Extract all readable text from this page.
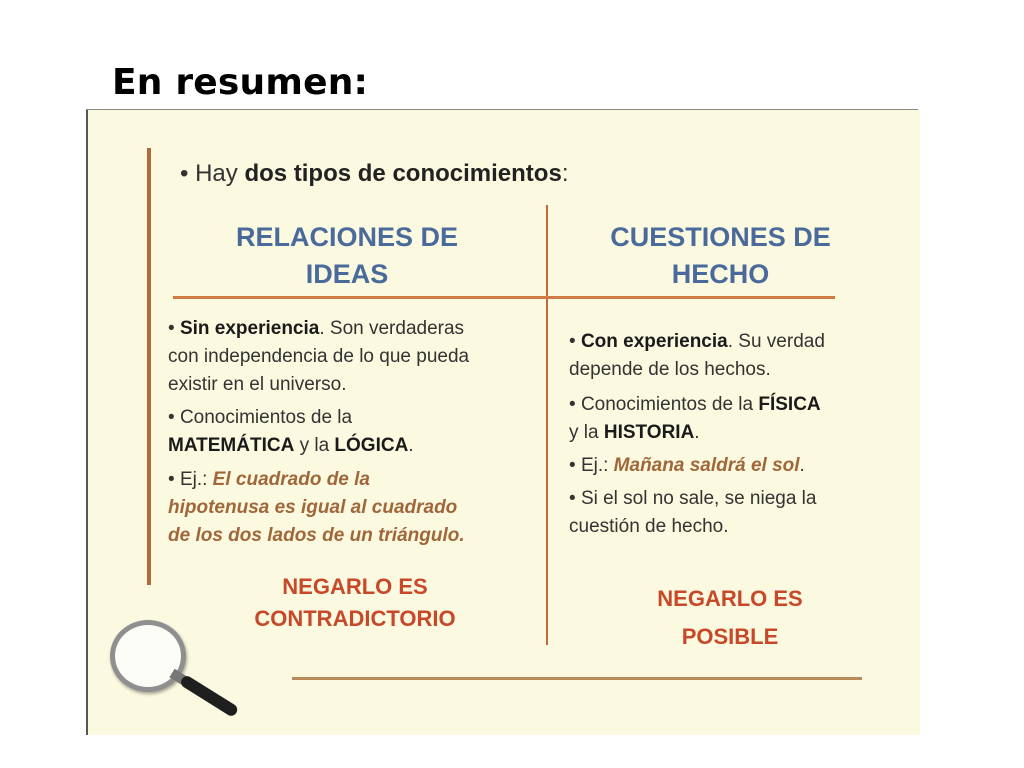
En resumen:
• Hay dos tipos de conocimientos:
RELACIONES DE
IDEAS
CUESTIONES DE
HECHO
• Sin experiencia. Son verdaderas
con independencia de lo que pueda
existir en el universo.
• Conocimientos de la
MATEMÁTICA y la LÓGICA.
• Ej.: El cuadrado de la
hipotenusa es igual al cuadrado
de los dos lados de un triángulo.
NEGARLO ES
CONTRADICTORIO
• Con experiencia. Su verdad
depende de los hechos.
• Conocimientos de la FÍSICA
y la HISTORIA.
• Ej.: Mañana saldrá el sol.
• Si el sol no sale, se niega la
cuestión de hecho.
NEGARLO ES
POSIBLE
